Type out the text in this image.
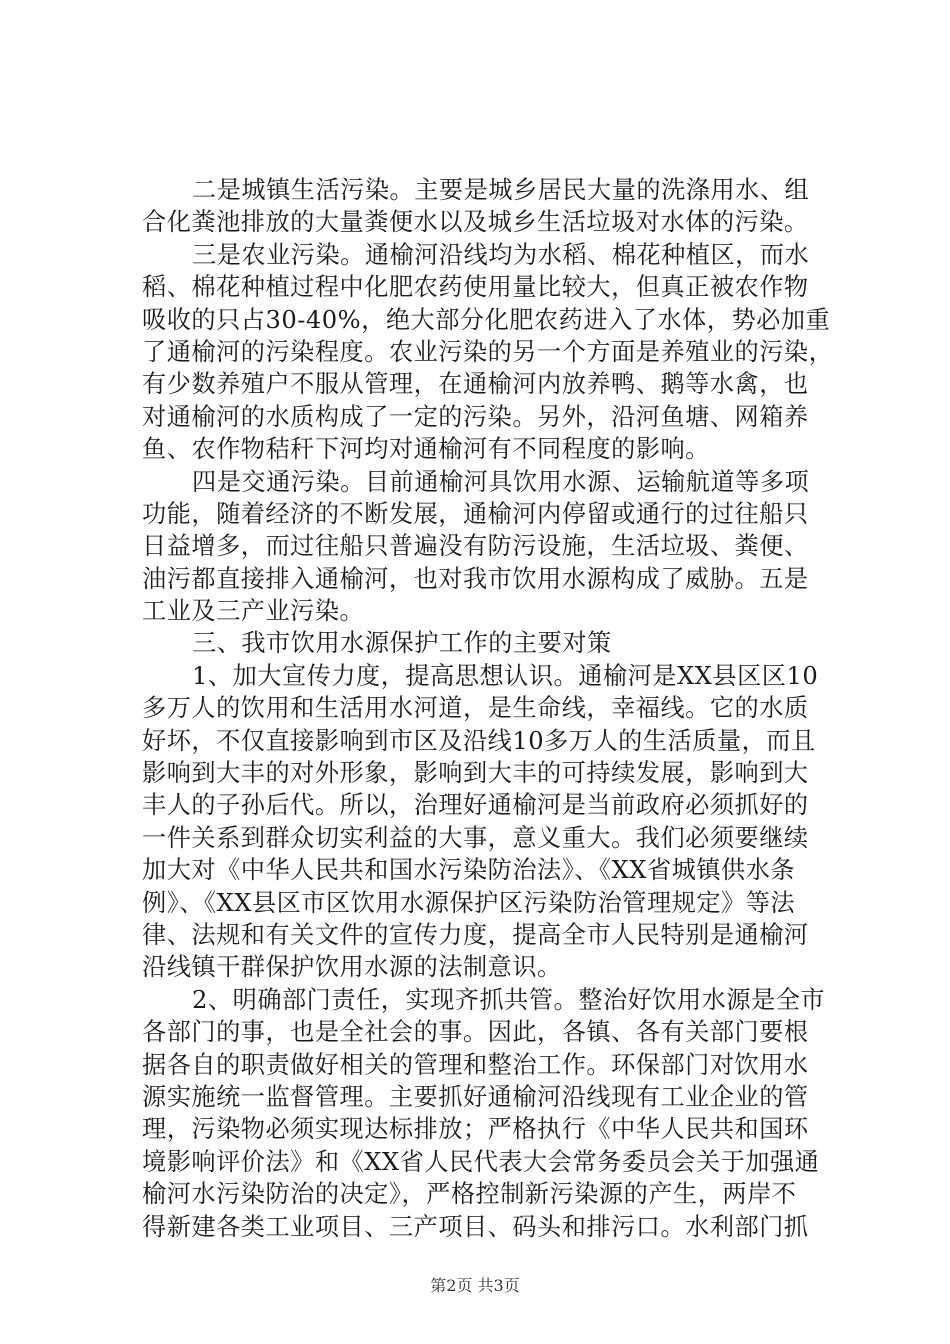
二是城镇生活污染。主要是城乡居民大量的洗涤用水、组
合化粪池排放的大量粪便水以及城乡生活垃圾对水体的污染。
三是农业污染。通榆河沿线均为水稻、棉花种植区，而水
稻、棉花种植过程中化肥农药使用量比较大，但真正被农作物
吸收的只占30-40%，绝大部分化肥农药进入了水体，势必加重
了通榆河的污染程度。农业污染的另一个方面是养殖业的污染，
有少数养殖户不服从管理，在通榆河内放养鸭、鹅等水禽，也
对通榆河的水质构成了一定的污染。另外，沿河鱼塘、网箱养
鱼、农作物秸秆下河均对通榆河有不同程度的影响。
四是交通污染。目前通榆河具饮用水源、运输航道等多项
功能，随着经济的不断发展，通榆河内停留或通行的过往船只
日益增多，而过往船只普遍没有防污设施，生活垃圾、粪便、
油污都直接排入通榆河，也对我市饮用水源构成了威胁。五是
工业及三产业污染。
三、我市饮用水源保护工作的主要对策
1、加大宣传力度，提高思想认识。通榆河是XX县区区10
多万人的饮用和生活用水河道，是生命线，幸福线。它的水质
好坏，不仅直接影响到市区及沿线10多万人的生活质量，而且
影响到大丰的对外形象，影响到大丰的可持续发展，影响到大
丰人的子孙后代。所以，治理好通榆河是当前政府必须抓好的
一件关系到群众切实利益的大事，意义重大。我们必须要继续
加大对《中华人民共和国水污染防治法》、《XX省城镇供水条
例》、《XX县区市区饮用水源保护区污染防治管理规定》等法
律、法规和有关文件的宣传力度，提高全市人民特别是通榆河
沿线镇干群保护饮用水源的法制意识。
2、明确部门责任，实现齐抓共管。整治好饮用水源是全市
各部门的事，也是全社会的事。因此，各镇、各有关部门要根
据各自的职责做好相关的管理和整治工作。环保部门对饮用水
源实施统一监督管理。主要抓好通榆河沿线现有工业企业的管
理，污染物必须实现达标排放；严格执行《中华人民共和国环
境影响评价法》和《XX省人民代表大会常务委员会关于加强通
榆河水污染防治的决定》，严格控制新污染源的产生，两岸不
得新建各类工业项目、三产项目、码头和排污口。水利部门抓
第2页 共3页
